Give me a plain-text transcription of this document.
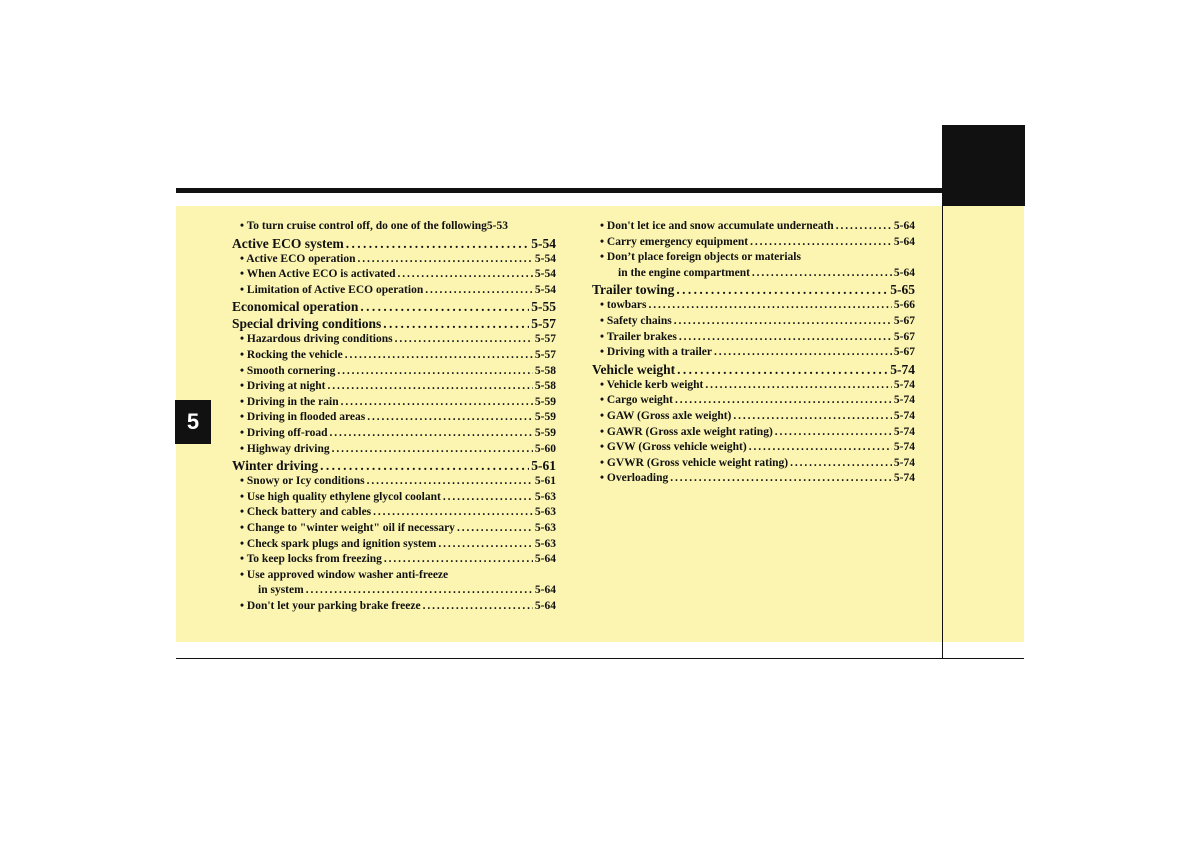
5
• To turn cruise control off, do one of the following 5-53
Active ECO system . . .	5-54
• Active ECO operation . . .	5-54
• When Active ECO is activated . . .	5-54
• Limitation of Active ECO operation . . .	5-54
Economical operation . . .	5-55
Special driving conditions . . .	5-57
• Hazardous driving conditions . . .	5-57
• Rocking the vehicle . . .	5-57
• Smooth cornering . . .	5-58
• Driving at night . . .	5-58
• Driving in the rain . . .	5-59
• Driving in flooded areas . . .	5-59
• Driving off-road . . .	5-59
• Highway driving . . .	5-60
Winter driving . . .	5-61
• Snowy or Icy conditions . . .	5-61
• Use high quality ethylene glycol coolant . . .	5-63
• Check battery and cables . . .	5-63
• Change to "winter weight" oil if necessary . . .	5-63
• Check spark plugs and ignition system . . .	5-63
• To keep locks from freezing . . .	5-64
• Use approved window washer anti-freeze
in system . . .	5-64
• Don't let your parking brake freeze . . .	5-64
• Don't let ice and snow accumulate underneath . . .	5-64
• Carry emergency equipment . . .	5-64
• Don’t place foreign objects or materials
in the engine compartment . . .	5-64
Trailer towing . . .	5-65
• towbars . . .	5-66
• Safety chains . . .	5-67
• Trailer brakes . . .	5-67
• Driving with a trailer . . .	5-67
Vehicle weight . . .	5-74
• Vehicle kerb weight . . .	5-74
• Cargo weight . . .	5-74
• GAW (Gross axle weight) . . .	5-74
• GAWR (Gross axle weight rating) . . .	5-74
• GVW (Gross vehicle weight) . . .	5-74
• GVWR (Gross vehicle weight rating) . . .	5-74
• Overloading . . .	5-74
